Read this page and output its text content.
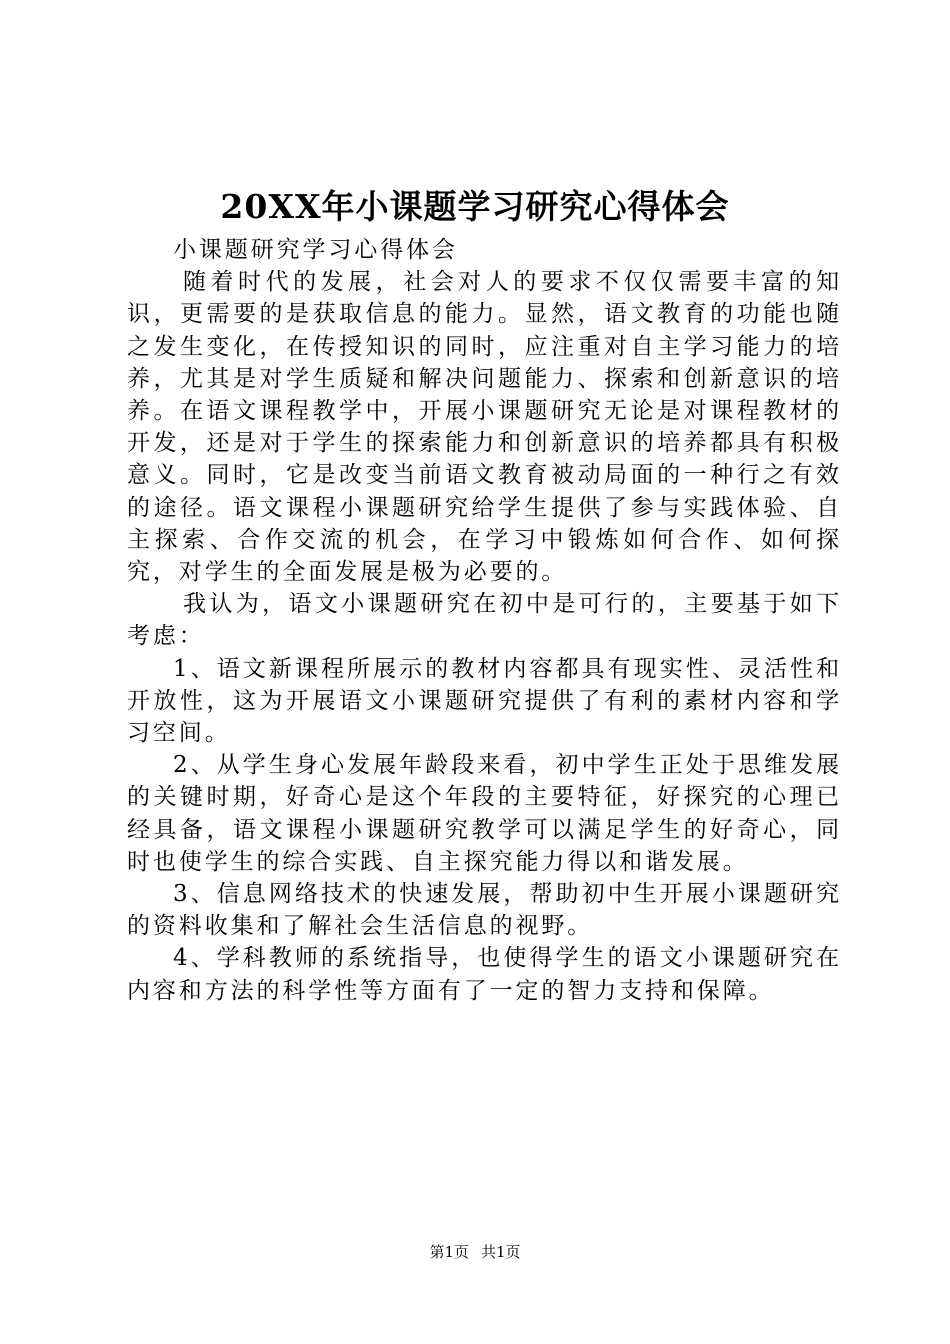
20XX年小课题学习研究心得体会

小课题研究学习心得体会

随着时代的发展，社会对人的要求不仅仅需要丰富的知识，更需要的是获取信息的能力。显然，语文教育的功能也随之发生变化，在传授知识的同时，应注重对自主学习能力的培养，尤其是对学生质疑和解决问题能力、探索和创新意识的培养。在语文课程教学中，开展小课题研究无论是对课程教材的开发，还是对于学生的探索能力和创新意识的培养都具有积极意义。同时，它是改变当前语文教育被动局面的一种行之有效的途径。语文课程小课题研究给学生提供了参与实践体验、自主探索、合作交流的机会，在学习中锻炼如何合作、如何探究，对学生的全面发展是极为必要的。

我认为，语文小课题研究在初中是可行的，主要基于如下考虑：

1、语文新课程所展示的教材内容都具有现实性、灵活性和开放性，这为开展语文小课题研究提供了有利的素材内容和学习空间。

2、从学生身心发展年龄段来看，初中学生正处于思维发展的关键时期，好奇心是这个年段的主要特征，好探究的心理已经具备，语文课程小课题研究教学可以满足学生的好奇心，同时也使学生的综合实践、自主探究能力得以和谐发展。

3、信息网络技术的快速发展，帮助初中生开展小课题研究的资料收集和了解社会生活信息的视野。

4、学科教师的系统指导，也使得学生的语文小课题研究在内容和方法的科学性等方面有了一定的智力支持和保障。

第1页 共1页
